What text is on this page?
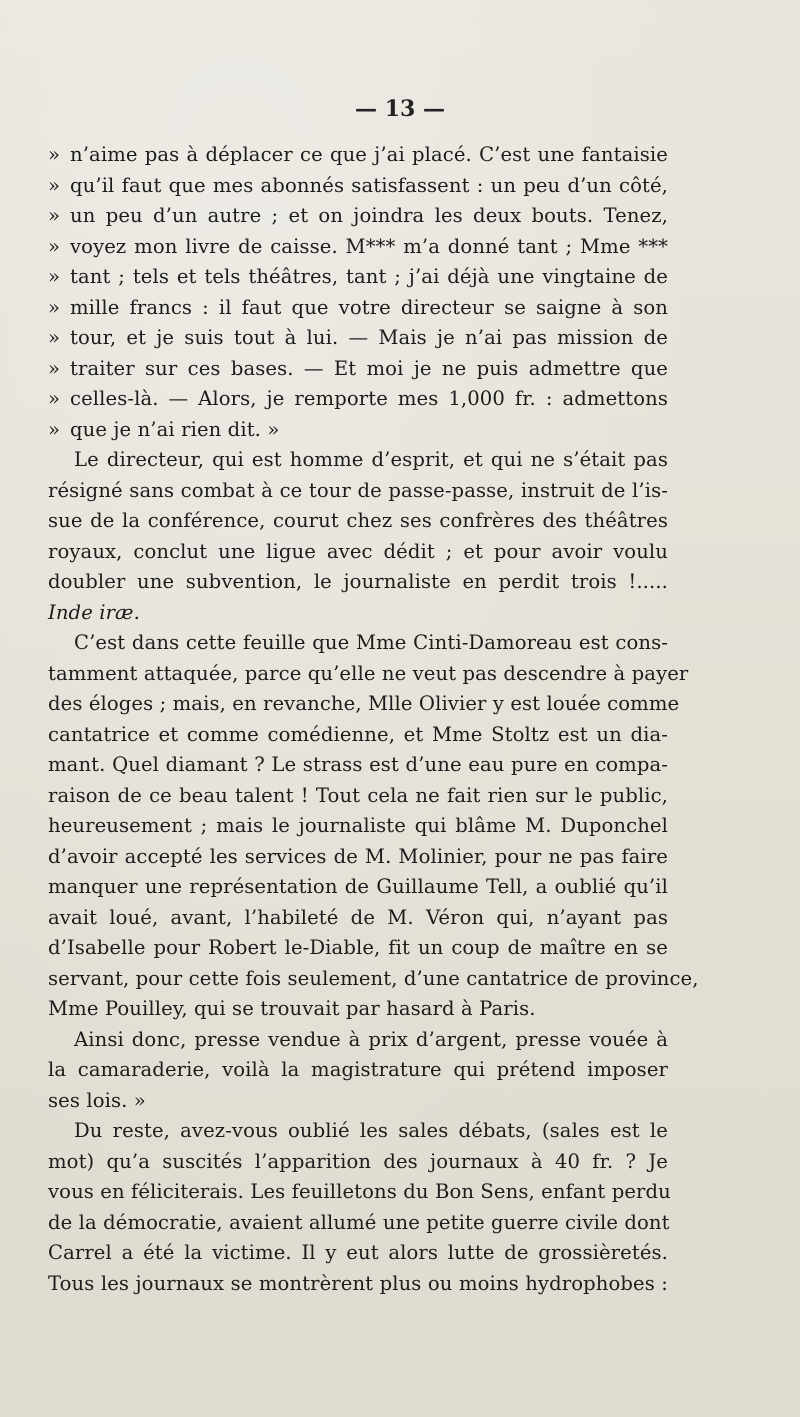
— 13 —
» n’aime pas à déplacer ce que j’ai placé. C’est une fantaisie
» qu’il faut que mes abonnés satisfassent : un peu d’un côté,
» un peu d’un autre ; et on joindra les deux bouts. Tenez,
» voyez mon livre de caisse. M*** m’a donné tant ; Mme ***
» tant ; tels et tels théâtres, tant ; j’ai déjà une vingtaine de
» mille francs : il faut que votre directeur se saigne à son
» tour, et je suis tout à lui. — Mais je n’ai pas mission de
» traiter sur ces bases. — Et moi je ne puis admettre que
» celles-là. — Alors, je remporte mes 1,000 fr. : admettons
» que je n’ai rien dit. »
Le directeur, qui est homme d’esprit, et qui ne s’était pas
résigné sans combat à ce tour de passe-passe, instruit de l’is-
sue de la conférence, courut chez ses confrères des théâtres
royaux, conclut une ligue avec dédit ; et pour avoir voulu
doubler une subvention, le journaliste en perdit trois !.....
Inde iræ.
C’est dans cette feuille que Mme Cinti-Damoreau est cons-
tamment attaquée, parce qu’elle ne veut pas descendre à payer
des éloges ; mais, en revanche, Mlle Olivier y est louée comme
cantatrice et comme comédienne, et Mme Stoltz est un dia-
mant. Quel diamant ? Le strass est d’une eau pure en compa-
raison de ce beau talent ! Tout cela ne fait rien sur le public,
heureusement ; mais le journaliste qui blâme M. Duponchel
d’avoir accepté les services de M. Molinier, pour ne pas faire
manquer une représentation de Guillaume Tell, a oublié qu’il
avait loué, avant, l’habileté de M. Véron qui, n’ayant pas
d’Isabelle pour Robert le-Diable, fit un coup de maître en se
servant, pour cette fois seulement, d’une cantatrice de province,
Mme Pouilley, qui se trouvait par hasard à Paris.
Ainsi donc, presse vendue à prix d’argent, presse vouée à
la camaraderie, voilà la magistrature qui prétend imposer
ses lois. »
Du reste, avez-vous oublié les sales débats, (sales est le
mot) qu’a suscités l’apparition des journaux à 40 fr. ? Je
vous en féliciterais. Les feuilletons du Bon Sens, enfant perdu
de la démocratie, avaient allumé une petite guerre civile dont
Carrel a été la victime. Il y eut alors lutte de grossièretés.
Tous les journaux se montrèrent plus ou moins hydrophobes :
